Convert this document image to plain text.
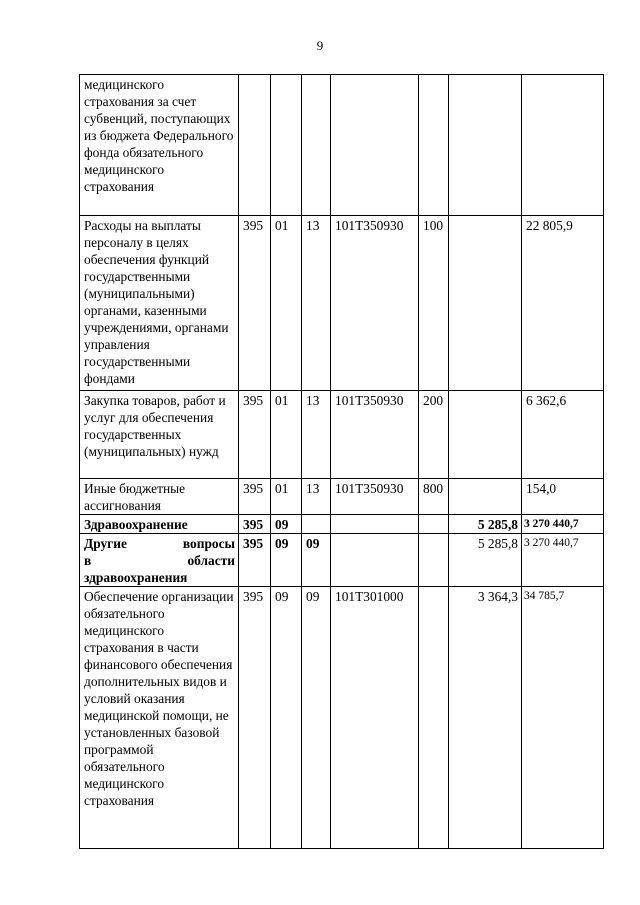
9
медицинского страхования за счет субвенций, поступающих из бюджета Федерального фонда обязательного медицинского страхования							
Расходы на выплаты персоналу в целях обеспечения функций государственными (муниципальными) органами, казенными учреждениями, органами управления государственными фондами	395	01	13	101Т350930	100		22 805,9
Закупка товаров, работ и услуг для обеспечения государственных (муниципальных) нужд	395	01	13	101Т350930	200		6 362,6
Иные бюджетные ассигнования	395	01	13	101Т350930	800		154,0
Здравоохранение	395	09				5 285,8	3 270 440,7

Другие вопросы
в области
здравоохранения	395	09	09			5 285,8	3 270 440,7
Обеспечение организации обязательного медицинского страхования в части финансового обеспечения дополнительных видов и условий оказания медицинской помощи, не установленных базовой программой обязательного медицинского страхования	395	09	09	101Т301000		3 364,3	34 785,7
